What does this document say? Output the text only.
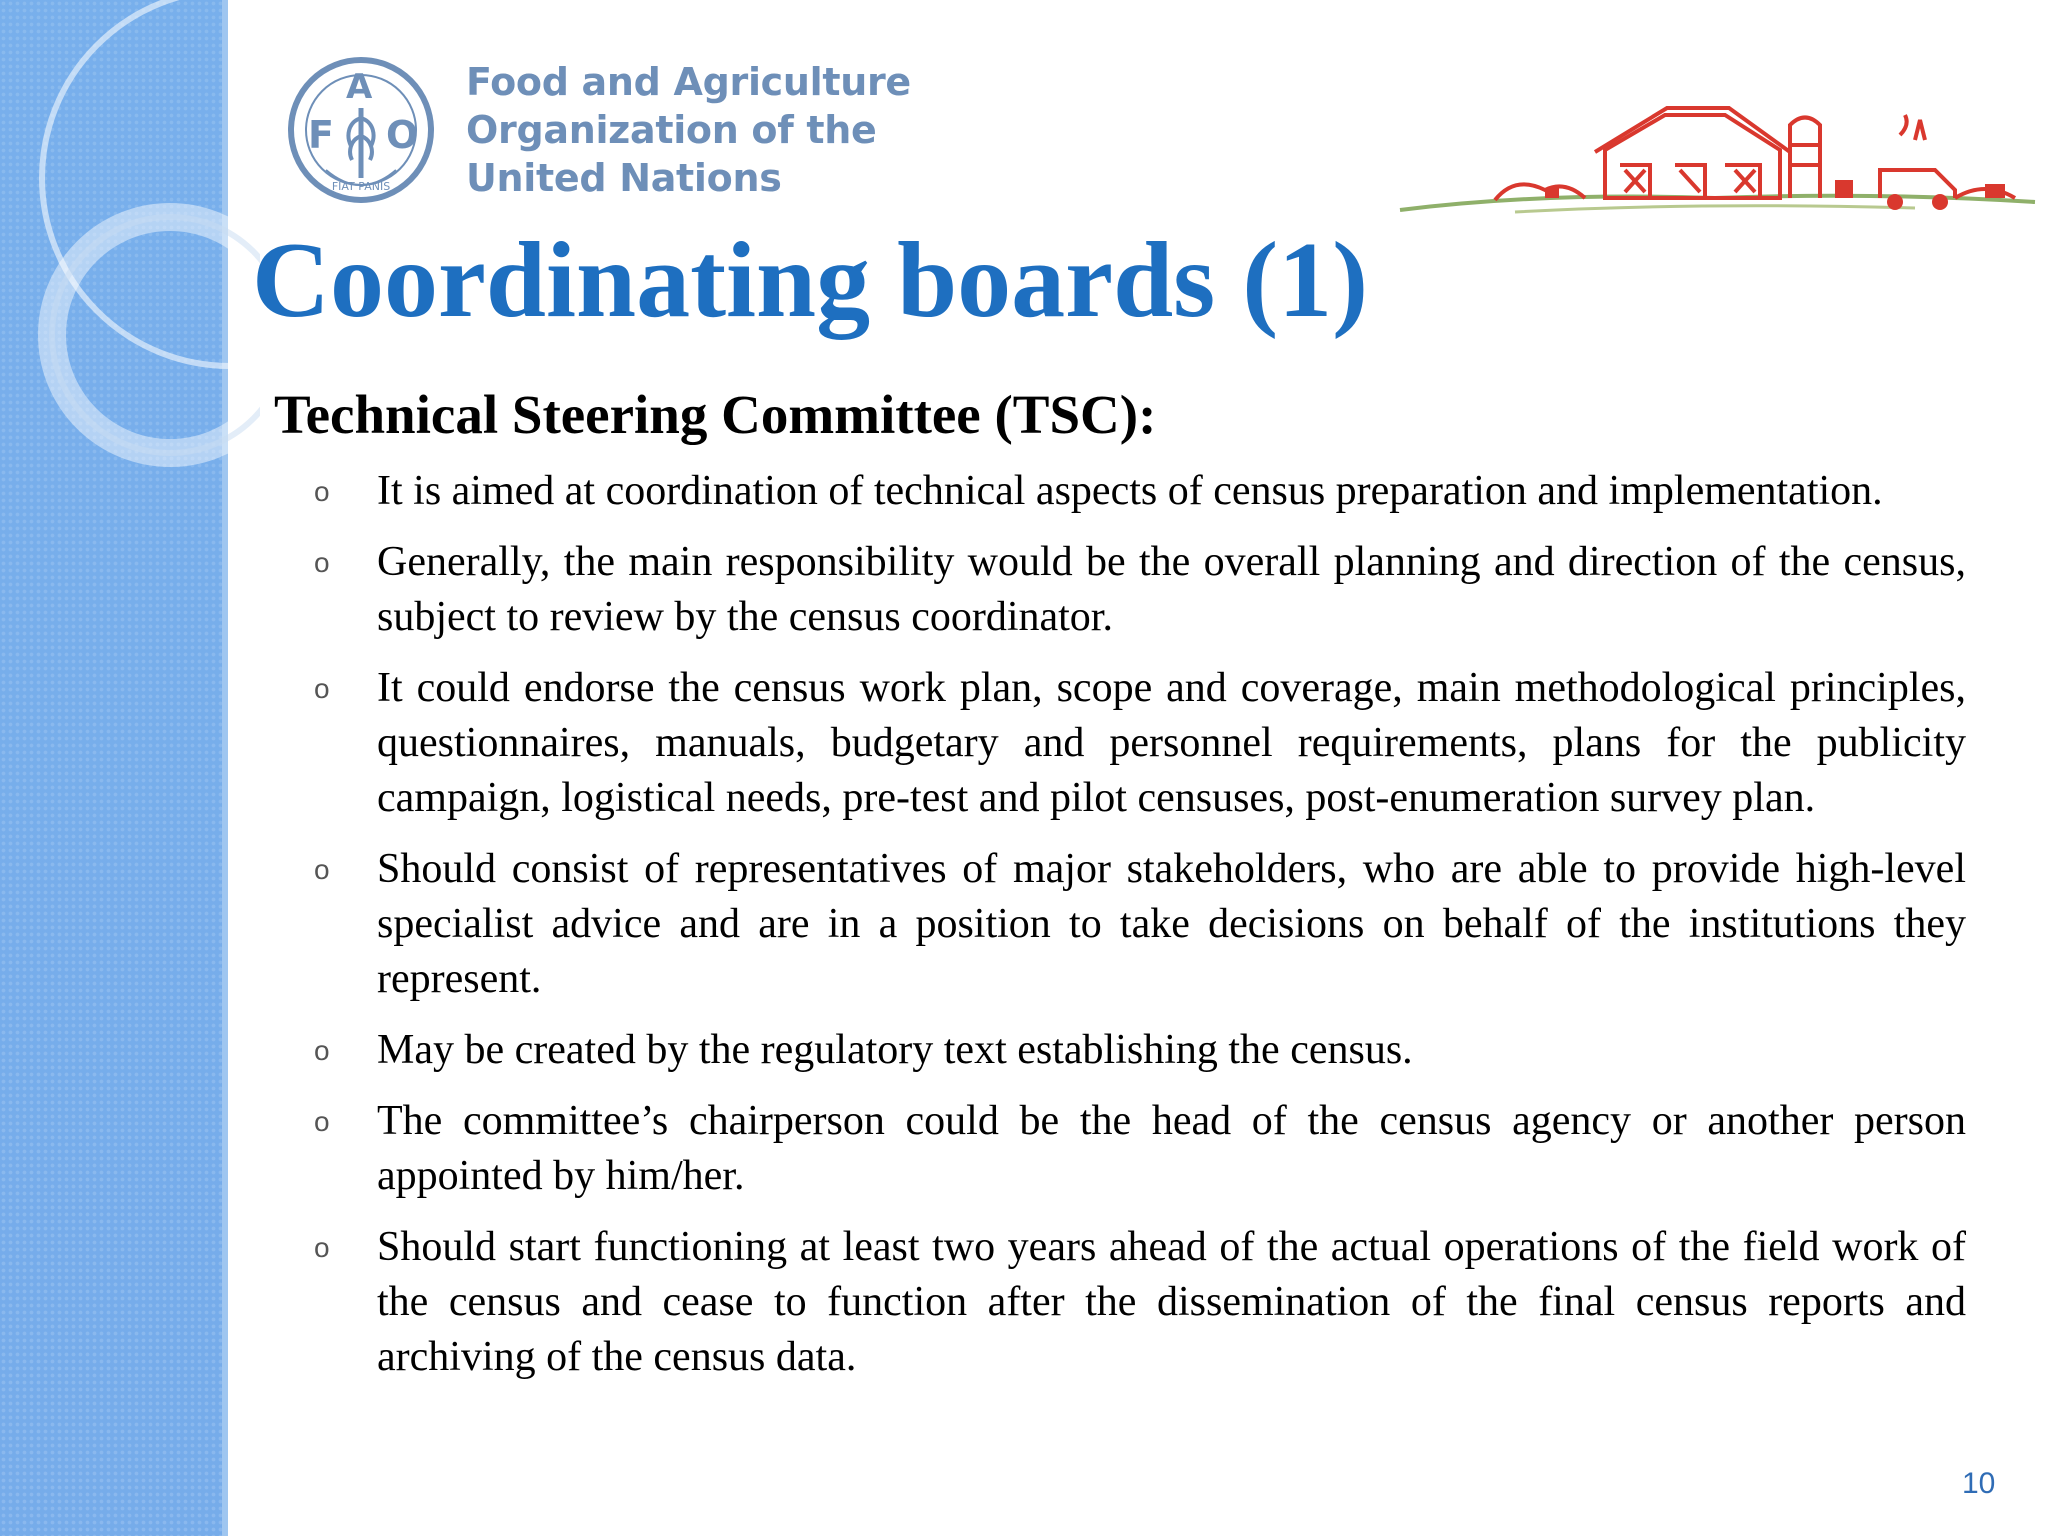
F
A
O
FIAT PANIS
Food and Agriculture
Organization of the
United Nations
Coordinating boards (1)
Technical Steering Committee (TSC):
o It is aimed at coordination of technical aspects of census preparation and implementation.
o Generally, the main responsibility would be the overall planning and direction of the census, subject to review by the census coordinator.
o It could endorse the census work plan, scope and coverage, main methodological principles, questionnaires, manuals, budgetary and personnel requirements, plans for the publicity campaign, logistical needs, pre-test and pilot censuses, post-enumeration survey plan.
o Should consist of representatives of major stakeholders, who are able to provide high-level specialist advice and are in a position to take decisions on behalf of the institutions they represent.
o May be created by the regulatory text establishing the census.
o The committee’s chairperson could be the head of the census agency or another person appointed by him/her.
o Should start functioning at least two years ahead of the actual operations of the field work of the census and cease to function after the dissemination of the final census reports and archiving of the census data.
10
